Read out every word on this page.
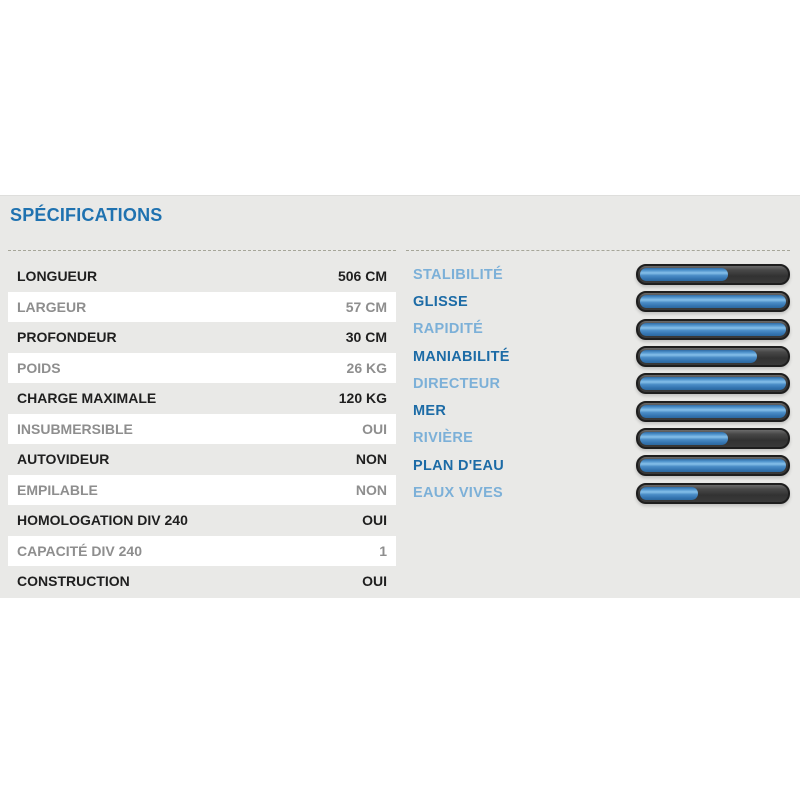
SPÉCIFICATIONS
LONGUEUR	506 CM
LARGEUR	57 CM
PROFONDEUR	30 CM
POIDS	26 KG
CHARGE MAXIMALE	120 KG
INSUBMERSIBLE	OUI
AUTOVIDEUR	NON
EMPILABLE	NON
HOMOLOGATION DIV 240	OUI
CAPACITÉ DIV 240	1
CONSTRUCTION	OUI
STALIBILITÉ
GLISSE
RAPIDITÉ
MANIABILITÉ
DIRECTEUR
MER
RIVIÈRE
PLAN D'EAU
EAUX VIVES
